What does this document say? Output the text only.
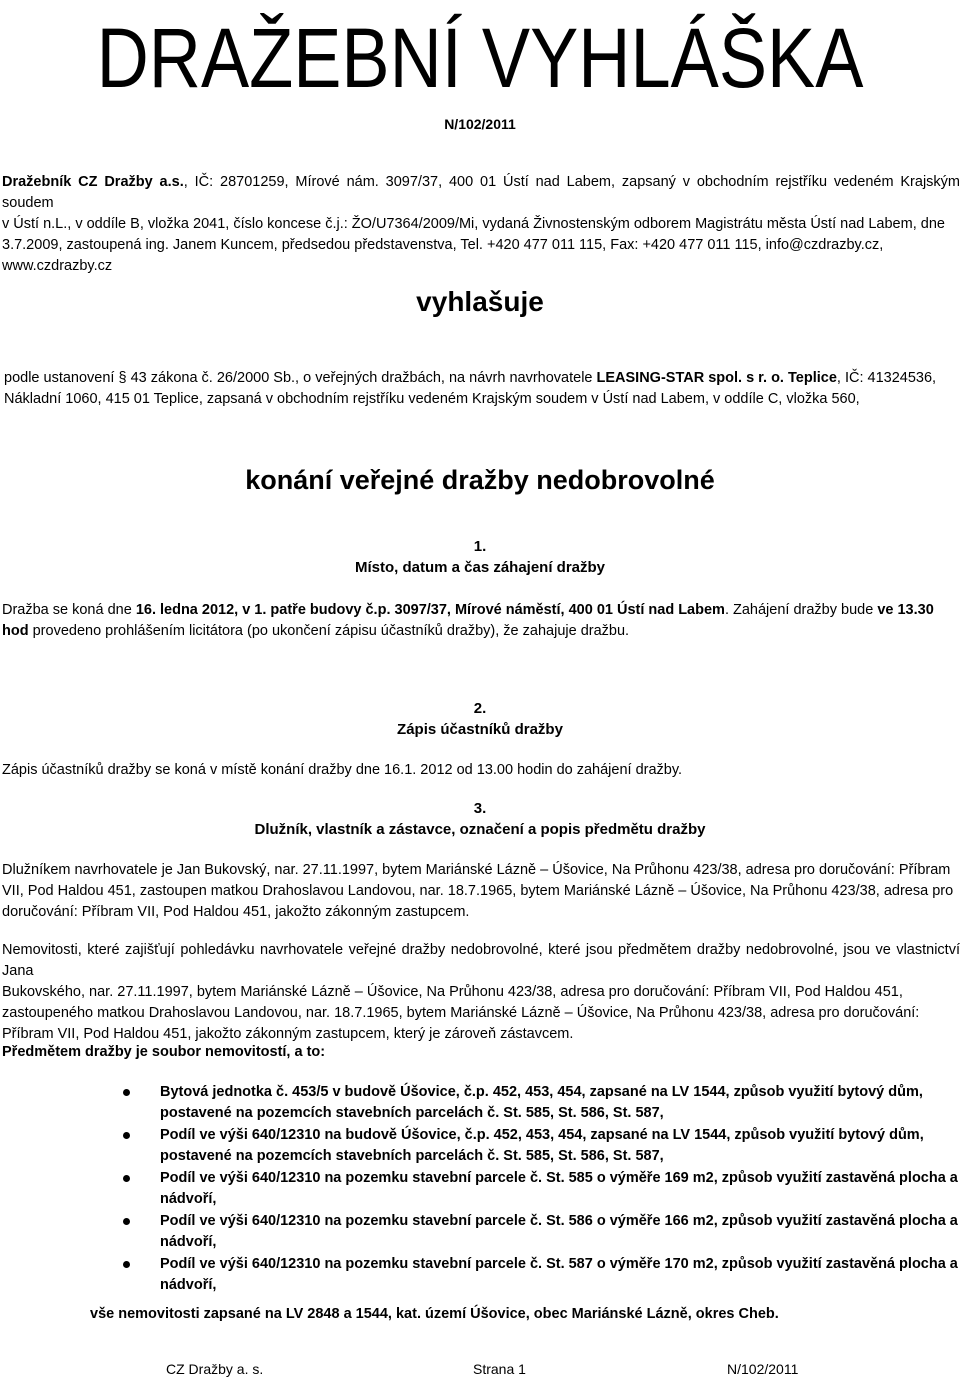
DRAŽEBNÍ VYHLÁŠKA
N/102/2011
Dražebník CZ Dražby a.s., IČ: 28701259, Mírové nám. 3097/37, 400 01 Ústí nad Labem, zapsaný v obchodním rejstříku vedeném Krajským soudem
v Ústí n.L., v oddíle B, vložka 2041, číslo koncese č.j.: ŽO/U7364/2009/Mi, vydaná Živnostenským odborem Magistrátu města Ústí nad Labem, dne
3.7.2009, zastoupená ing. Janem Kuncem, předsedou představenstva, Tel. +420 477 011 115, Fax: +420 477 011 115, info@czdrazby.cz,
www.czdrazby.cz
vyhlašuje
podle ustanovení § 43 zákona č. 26/2000 Sb., o veřejných dražbách, na návrh navrhovatele LEASING-STAR spol. s r. o. Teplice, IČ: 41324536,
Nákladní 1060, 415 01 Teplice, zapsaná v obchodním rejstříku vedeném Krajským soudem v Ústí nad Labem, v oddíle C, vložka 560,
konání veřejné dražby nedobrovolné
1.
Místo, datum a čas záhajení dražby
Dražba se koná dne 16. ledna 2012, v 1. patře budovy č.p. 3097/37, Mírové náměstí, 400 01 Ústí nad Labem. Zahájení dražby bude ve 13.30
hod provedeno prohlášením licitátora (po ukončení zápisu účastníků dražby), že zahajuje dražbu.
2.
Zápis účastníků dražby
Zápis účastníků dražby se koná v místě konání dražby dne 16.1. 2012 od 13.00 hodin do zahájení dražby.
3.
Dlužník, vlastník a zástavce, označení a popis předmětu dražby
Dlužníkem navrhovatele je Jan Bukovský, nar. 27.11.1997, bytem Mariánské Lázně – Úšovice, Na Průhonu 423/38, adresa pro doručování: Příbram
VII, Pod Haldou 451, zastoupen matkou Drahoslavou Landovou, nar. 18.7.1965, bytem Mariánské Lázně – Úšovice, Na Průhonu 423/38, adresa pro
doručování: Příbram VII, Pod Haldou 451, jakožto zákonným zastupcem.
Nemovitosti, které zajišťují pohledávku navrhovatele veřejné dražby nedobrovolné, které jsou předmětem dražby nedobrovolné, jsou ve vlastnictví Jana
Bukovského, nar. 27.11.1997, bytem Mariánské Lázně – Úšovice, Na Průhonu 423/38, adresa pro doručování: Příbram VII, Pod Haldou 451,
zastoupeného matkou Drahoslavou Landovou, nar. 18.7.1965, bytem Mariánské Lázně – Úšovice, Na Průhonu 423/38, adresa pro doručování:
Příbram VII, Pod Haldou 451, jakožto zákonným zastupcem, který je zároveň zástavcem.
Předmětem dražby je soubor nemovitostí, a to:
Bytová jednotka č. 453/5 v budově Úšovice, č.p. 452, 453, 454, zapsané na LV 1544, způsob využití bytový dům,
postavené na pozemcích stavebních parcelách č. St. 585, St. 586, St. 587,
Podíl ve výši 640/12310 na budově Úšovice, č.p. 452, 453, 454, zapsané na LV 1544, způsob využití bytový dům,
postavené na pozemcích stavebních parcelách č. St. 585, St. 586, St. 587,
Podíl ve výši 640/12310 na pozemku stavební parcele č. St. 585 o výměře 169 m2, způsob využití zastavěná plocha a
nádvoří,
Podíl ve výši 640/12310 na pozemku stavební parcele č. St. 586 o výměře 166 m2, způsob využití zastavěná plocha a
nádvoří,
Podíl ve výši 640/12310 na pozemku stavební parcele č. St. 587 o výměře 170 m2, způsob využití zastavěná plocha a
nádvoří,
vše nemovitosti zapsané na LV 2848 a 1544, kat. území Úšovice, obec Mariánské Lázně, okres Cheb.
CZ Dražby a. s.	Strana 1	N/102/2011
